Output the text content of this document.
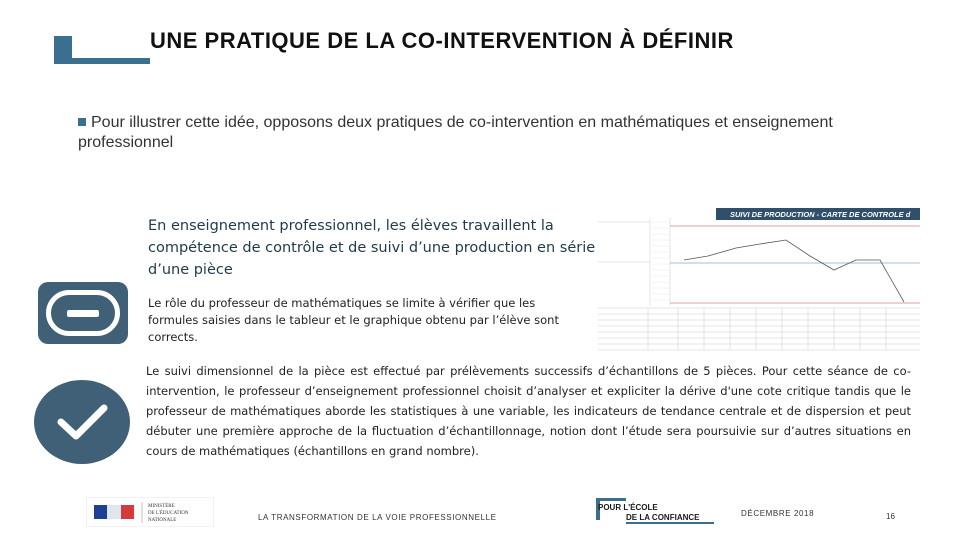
UNE PRATIQUE DE LA CO-INTERVENTION À DÉFINIR
Pour illustrer cette idée, opposons deux pratiques de co-intervention en mathématiques et enseignement professionnel
En enseignement professionnel, les élèves travaillent la
compétence de contrôle et de suivi d’une production en série
d’une pièce
SUIVI DE PRODUCTION - CARTE DE CONTROLE d
.
Le rôle du professeur de mathématiques se limite à vérifier que les formules saisies dans le tableur et le graphique obtenu par l’élève sont corrects.
Le suivi dimensionnel de la pièce est effectué par prélèvements successifs d’échantillons de 5 pièces. Pour cette séance de co-intervention, le professeur d’enseignement professionnel choisit d’analyser et expliciter la dérive d'une cote critique tandis que le professeur de mathématiques aborde les statistiques à une variable, les indicateurs de tendance centrale et de dispersion et peut débuter une première approche de la fluctuation d’échantillonnage, notion dont l’étude sera poursuivie sur d’autres situations en cours de mathématiques (échantillons en grand nombre).
MINISTÈRE
DE L'ÉDUCATION
NATIONALE	LA TRANSFORMATION DE LA VOIE PROFESSIONNELLE
POUR L'ÉCOLE
DE LA CONFIANCE	DÉCEMBRE 2018	16
